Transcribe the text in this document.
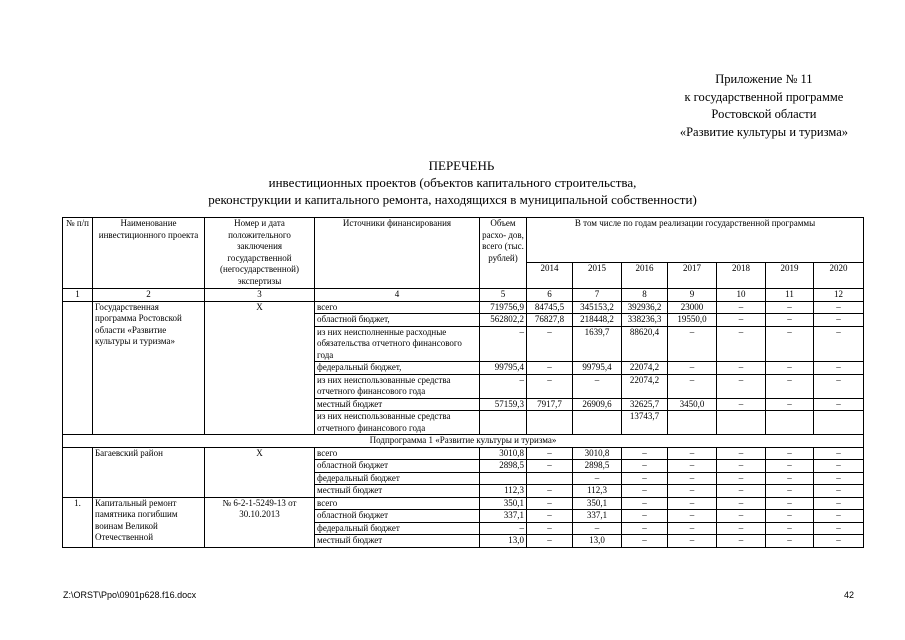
Приложение № 11
к государственной программе
Ростовской области
«Развитие культуры и туризма»
ПЕРЕЧЕНЬ
инвестиционных проектов (объектов капитального строительства,
реконструкции и капитального ремонта, находящихся в муниципальной собственности)
№ п/п	Наименование инвестиционного проекта	Номер и дата положительного заключения государственной (негосударственной) экспертизы	Источники финансирования	Объем расхо- дов, всего (тыс. рублей)	В том числе по годам реализации государственной программы						
					2014	2015	2016	2017	2018	2019	2020
1	2	3	4	5	6	7	8	9	10	11	12
	Государственная программа Ростовской области «Развитие культуры и туризма»	Х	всего	719756,9	84745,5	345153,2	392936,2	23000	–	–	–
			областной бюджет,	562802,2	76827,8	218448,2	338236,3	19550,0	–	–	–
			из них неисполненные расходные обязательства отчетного финансового года	–	–	1639,7	88620,4	–	–	–	–
			федеральный бюджет,	99795,4	–	99795,4	22074,2	–	–	–	–
			из них неиспользованные средства отчетного финансового года	–	–	–	22074,2	–	–	–	–
			местный бюджет	57159,3	7917,7	26909,6	32625,7	3450,0	–	–	–
			из них неиспользованные средства отчетного финансового года				13743,7				
Подпрограмма 1 «Развитие культуры и туризма»											
	Багаевский район	Х	всего	3010,8	–	3010,8	–	–	–	–	–
			областной бюджет	2898,5	–	2898,5	–	–	–	–	–
			федеральный бюджет			–	–	–	–	–	–
			местный бюджет	112,3	–	112,3	–	–	–	–	–
1.	Капитальный ремонт памятника погибшим воинам Великой Отечественной	№ 6-2-1-5249-13 от 30.10.2013	всего	350,1	–	350,1	–	–	–	–	–
			областной бюджет	337,1	–	337,1	–	–	–	–	–
			федеральный бюджет	–	–	–	–	–	–	–	–
			местный бюджет	13,0	–	13,0	–	–	–	–	–
Z:\ORST\Ppo\0901p628.f16.docx	42
